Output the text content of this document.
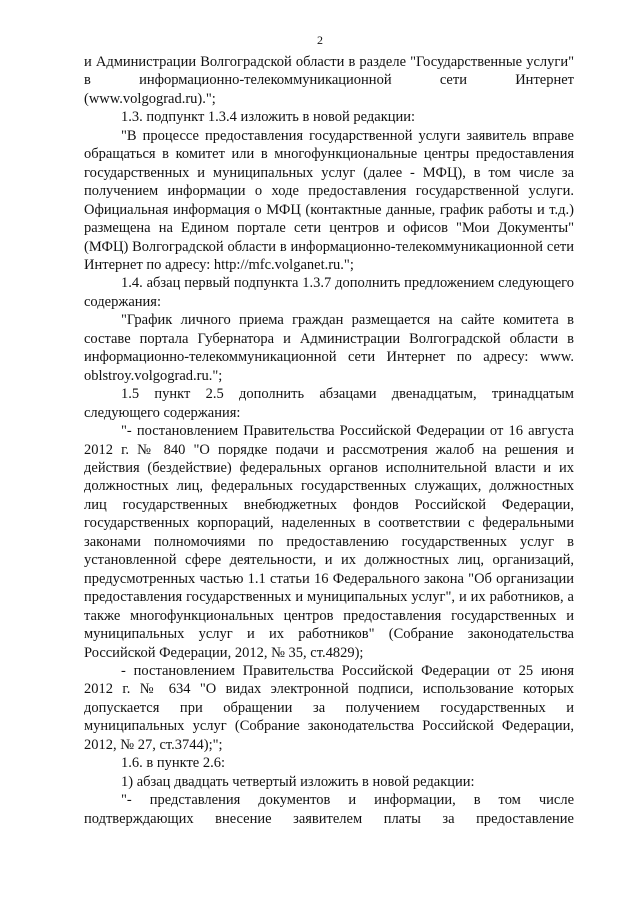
2

и Администрации Волгоградской области в разделе "Государственные услуги" в информационно-телекоммуникационной сети Интернет (www.volgograd.ru).";

1.3. подпункт 1.3.4 изложить в новой редакции:

"В процессе предоставления государственной услуги заявитель вправе обращаться в комитет или в многофункциональные центры предоставления государственных и муниципальных услуг (далее - МФЦ), в том числе за получением информации о ходе предоставления государственной услуги. Официальная информация о МФЦ (контактные данные, график работы и т.д.) размещена на Едином портале сети центров и офисов "Мои Документы" (МФЦ) Волгоградской области в информационно-телекоммуникационной сети Интернет по адресу: http://mfc.volganet.ru.";

1.4. абзац первый подпункта 1.3.7 дополнить предложением следующего содержания:

"График личного приема граждан размещается на сайте комитета в составе портала Губернатора и Администрации Волгоградской области в информационно-телекоммуникационной сети Интернет по адресу: www. oblstroy.volgograd.ru.";

1.5 пункт 2.5 дополнить абзацами двенадцатым, тринадцатым следующего содержания:

"- постановлением Правительства Российской Федерации от 16 августа 2012 г. № 840 "О порядке подачи и рассмотрения жалоб на решения и действия (бездействие) федеральных органов исполнительной власти и их должностных лиц, федеральных государственных служащих, должностных лиц государственных внебюджетных фондов Российской Федерации, государственных корпораций, наделенных в соответствии с федеральными законами полномочиями по предоставлению государственных услуг в установленной сфере деятельности, и их должностных лиц, организаций, предусмотренных частью 1.1 статьи 16 Федерального закона "Об организации предоставления государственных и муниципальных услуг", и их работников, а также многофункциональных центров предоставления государственных и муниципальных услуг и их работников" (Собрание законодательства Российской Федерации, 2012, № 35, ст.4829);

- постановлением Правительства Российской Федерации от 25 июня 2012 г. № 634 "О видах электронной подписи, использование которых допускается при обращении за получением государственных и муниципальных услуг (Собрание законодательства Российской Федерации, 2012, № 27, ст.3744);";

1.6. в пункте 2.6:

1) абзац двадцать четвертый изложить в новой редакции:

"- представления документов и информации, в том числе подтверждающих внесение заявителем платы за предоставление
